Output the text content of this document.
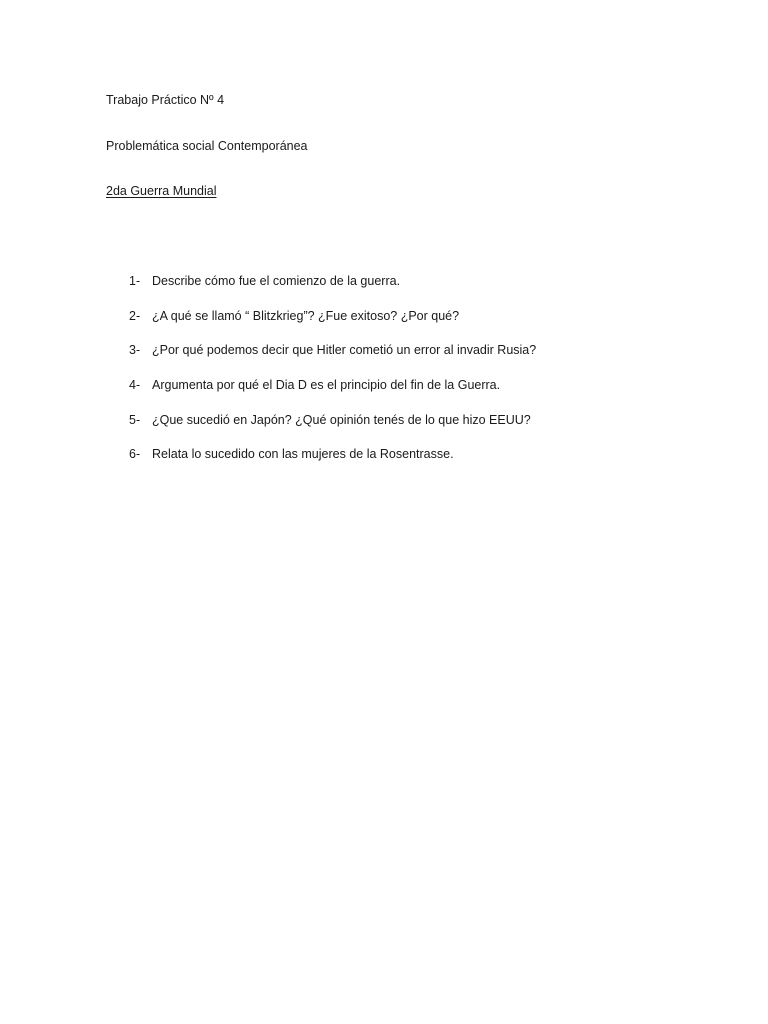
Trabajo Práctico Nº 4
Problemática social Contemporánea
2da Guerra Mundial
1- Describe cómo fue el comienzo de la guerra.
2- ¿A qué se llamó “ Blitzkrieg”? ¿Fue exitoso? ¿Por qué?
3- ¿Por qué podemos decir que Hitler cometió un error al invadir Rusia?
4- Argumenta por qué el Dia D es el principio del fin de la Guerra.
5- ¿Que sucedió en Japón? ¿Qué opinión tenés de lo que hizo EEUU?
6- Relata lo sucedido con las mujeres de la Rosentrasse.
